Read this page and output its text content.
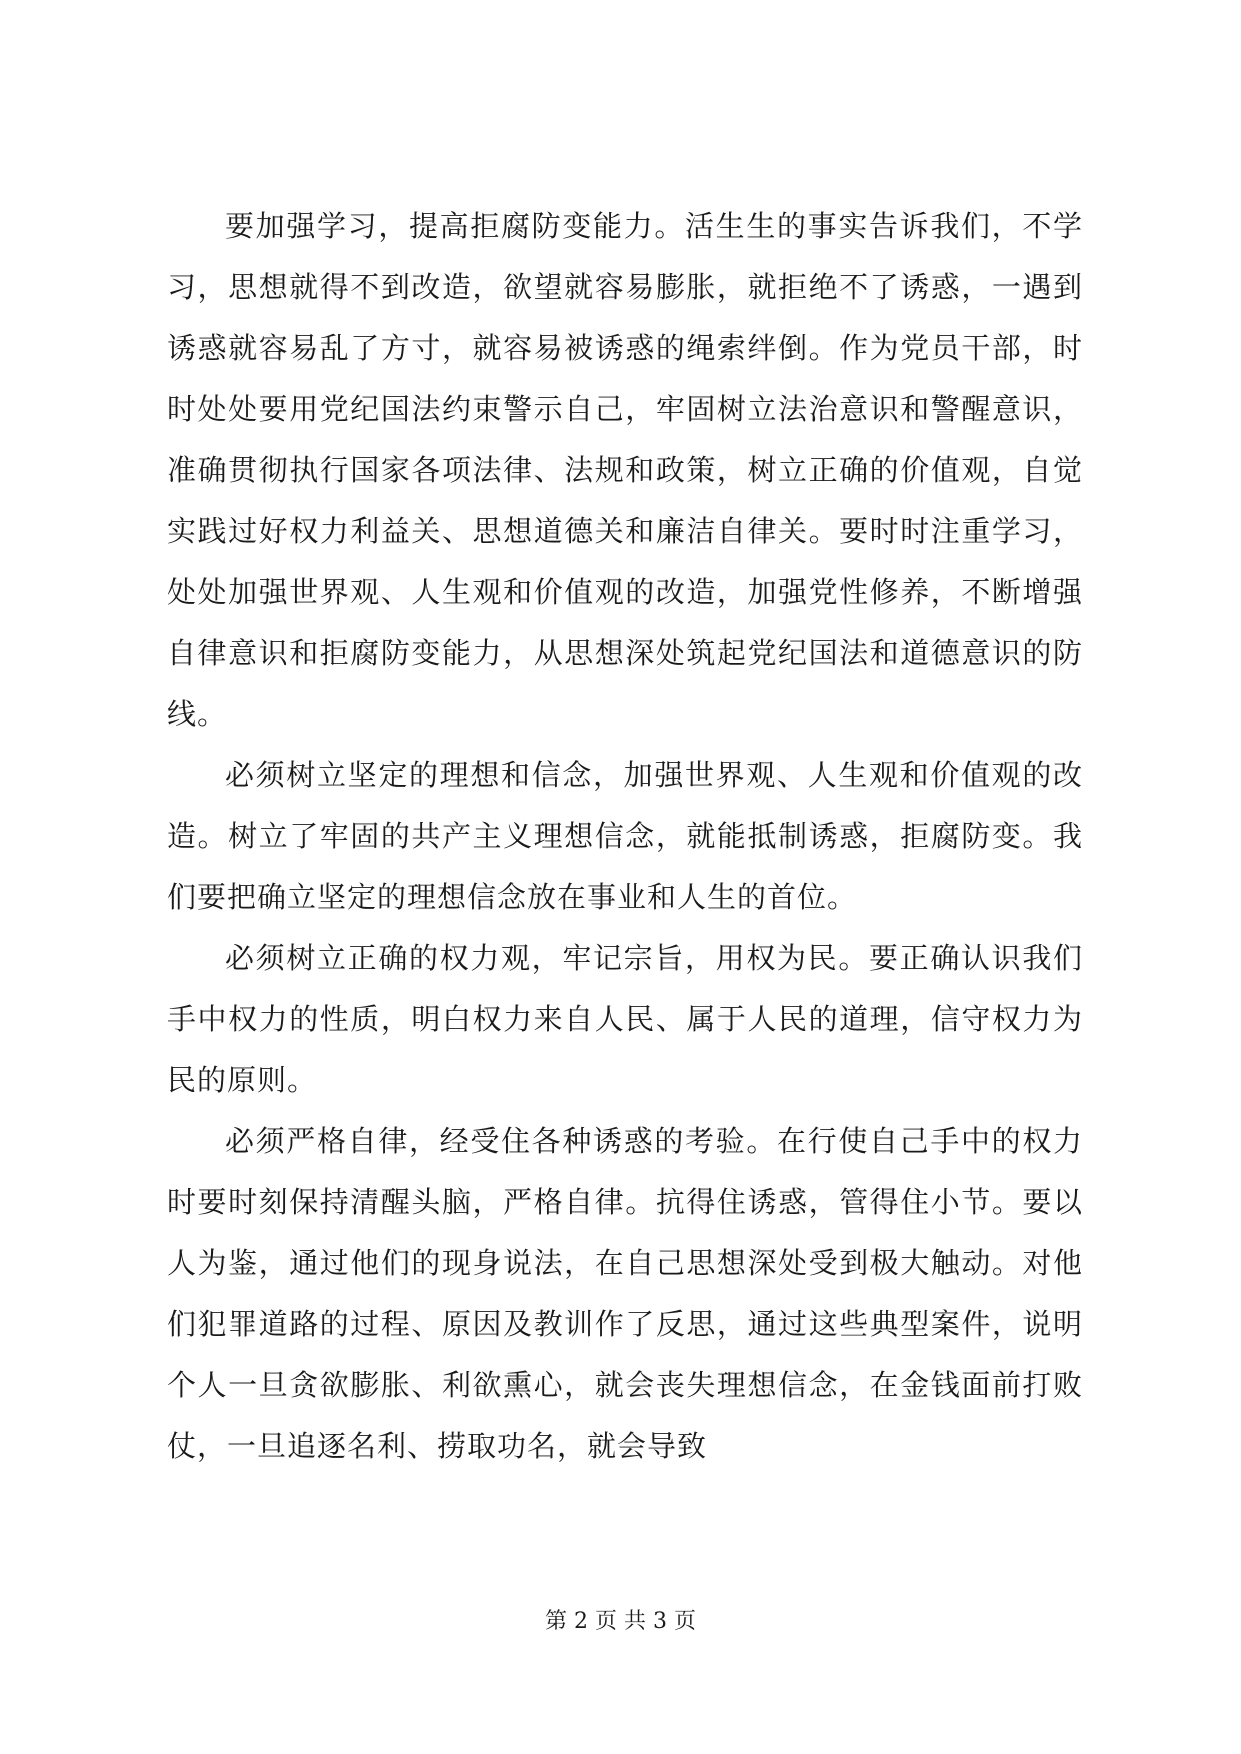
要加强学习，提高拒腐防变能力。活生生的事实告诉我们，不学习，思想就得不到改造，欲望就容易膨胀，就拒绝不了诱惑，一遇到诱惑就容易乱了方寸，就容易被诱惑的绳索绊倒。作为党员干部，时时处处要用党纪国法约束警示自己，牢固树立法治意识和警醒意识，准确贯彻执行国家各项法律、法规和政策，树立正确的价值观，自觉实践过好权力利益关、思想道德关和廉洁自律关。要时时注重学习，处处加强世界观、人生观和价值观的改造，加强党性修养，不断增强自律意识和拒腐防变能力，从思想深处筑起党纪国法和道德意识的防线。

必须树立坚定的理想和信念，加强世界观、人生观和价值观的改造。树立了牢固的共产主义理想信念，就能抵制诱惑，拒腐防变。我们要把确立坚定的理想信念放在事业和人生的首位。

必须树立正确的权力观，牢记宗旨，用权为民。要正确认识我们手中权力的性质，明白权力来自人民、属于人民的道理，信守权力为民的原则。

必须严格自律，经受住各种诱惑的考验。在行使自己手中的权力时要时刻保持清醒头脑，严格自律。抗得住诱惑，管得住小节。要以人为鉴，通过他们的现身说法，在自己思想深处受到极大触动。对他们犯罪道路的过程、原因及教训作了反思，通过这些典型案件，说明个人一旦贪欲膨胀、利欲熏心，就会丧失理想信念，在金钱面前打败仗，一旦追逐名利、捞取功名，就会导致

第 2 页 共 3 页
